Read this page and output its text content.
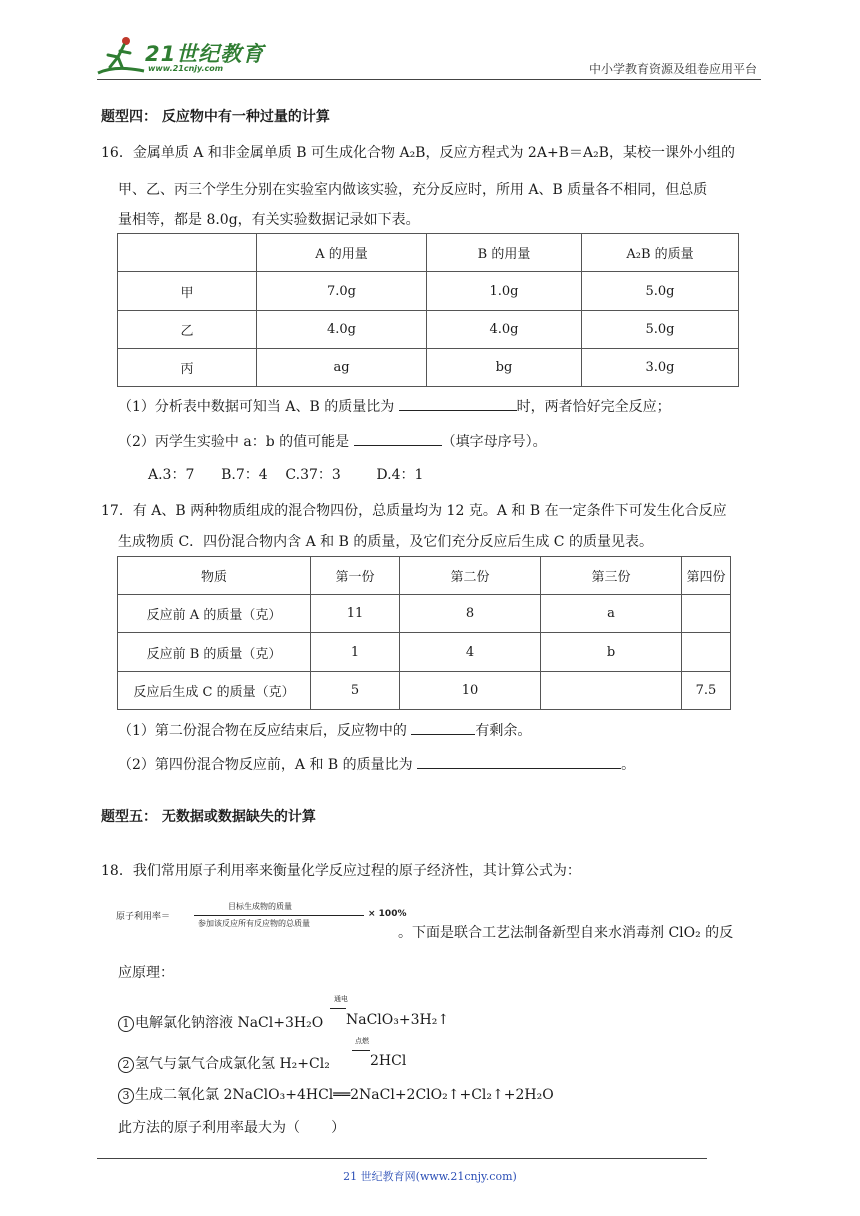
21世纪教育
www.21cnjy.com	中小学教育资源及组卷应用平台
题型四： 反应物中有一种过量的计算
16．金属单质 A 和非金属单质 B 可生成化合物 A₂B，反应方程式为 2A+B＝A₂B，某校一课外小组的
甲、乙、丙三个学生分别在实验室内做该实验，充分反应时，所用 A、B 质量各不相同，但总质
量相等，都是 8.0g，有关实验数据记录如下表。
	A 的用量	B 的用量	A₂B 的质量
甲	7.0g	1.0g	5.0g
乙	4.0g	4.0g	5.0g
丙	ag	bg	3.0g
（1）分析表中数据可知当 A、B 的质量比为	时，两者恰好完全反应；
（2）丙学生实验中 a：b 的值可能是	（填字母序号）。
A.3：7      B.7：4    C.37：3        D.4：1
17．有 A、B 两种物质组成的混合物四份，总质量均为 12 克。A 和 B 在一定条件下可发生化合反应
生成物质 C．四份混合物内含 A 和 B 的质量，及它们充分反应后生成 C 的质量见表。
物质	第一份	第二份	第三份	第四份
反应前 A 的质量（克）	11	8	a	
反应前 B 的质量（克）	1	4	b	
反应后生成 C 的质量（克）	5	10		7.5
（1）第二份混合物在反应结束后，反应物中的	有剩余。
（2）第四份混合物反应前，A 和 B 的质量比为	。
题型五： 无数据或数据缺失的计算
18．我们常用原子利用率来衡量化学反应过程的原子经济性，其计算公式为：
原子利用率＝
目标生成物的质量
参加该反应所有反应物的总质量
× 100%
。下面是联合工艺法制备新型自来水消毒剂 ClO₂ 的反
应原理：
1 电解氯化钠溶液 NaCl+3H₂O
通电
NaClO₃+3H₂↑
2 氢气与氯气合成氯化氢 H₂+Cl₂
点燃
2HCl
3 生成二氧化氯 2NaClO₃+4HCl══2NaCl+2ClO₂↑+Cl₂↑+2H₂O
此方法的原子利用率最大为（       ）
21 世纪教育网(www.21cnjy.com)
